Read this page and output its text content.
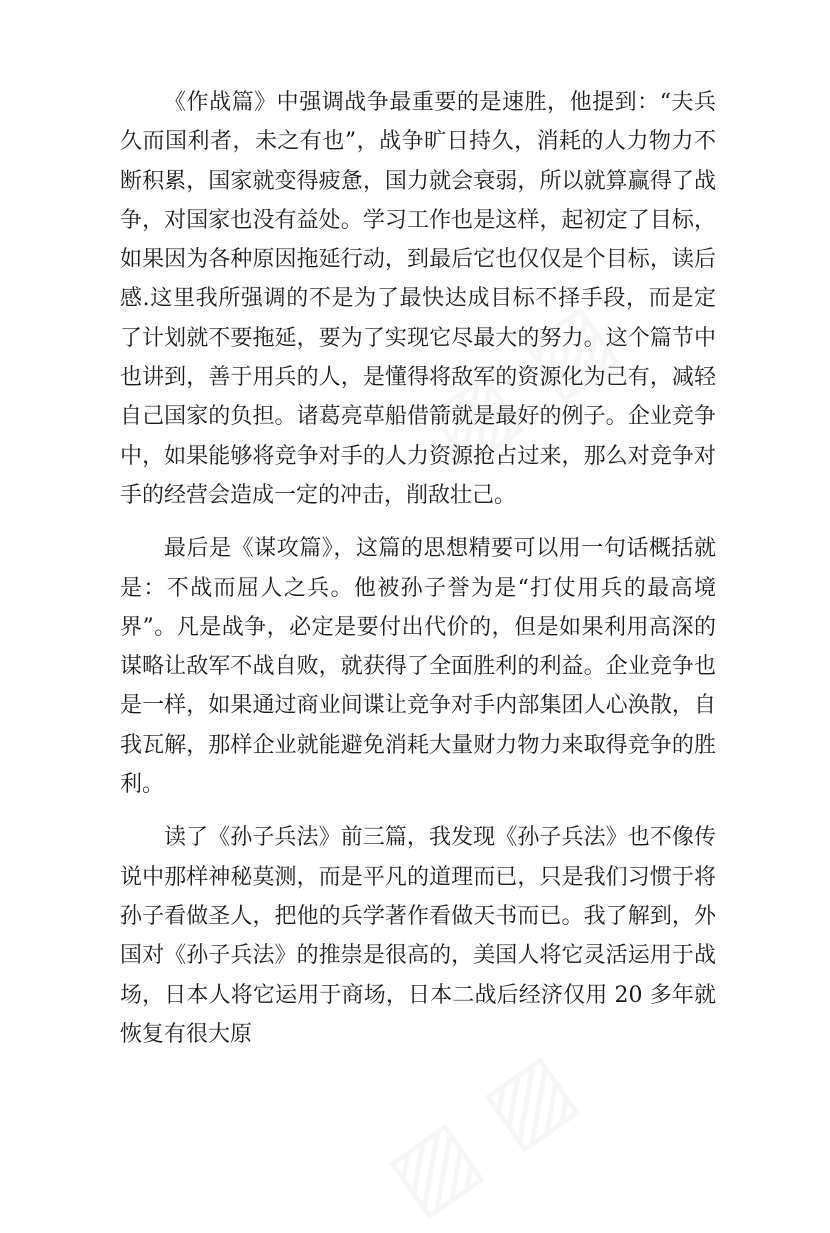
《作战篇》中强调战争最重要的是速胜，他提到：“夫兵久而国利者，未之有也”，战争旷日持久，消耗的人力物力不断积累，国家就变得疲惫，国力就会衰弱，所以就算赢得了战争，对国家也没有益处。学习工作也是这样，起初定了目标，如果因为各种原因拖延行动，到最后它也仅仅是个目标，读后感.这里我所强调的不是为了最快达成目标不择手段，而是定了计划就不要拖延，要为了实现它尽最大的努力。这个篇节中也讲到，善于用兵的人，是懂得将敌军的资源化为己有，减轻自己国家的负担。诸葛亮草船借箭就是最好的例子。企业竞争中，如果能够将竞争对手的人力资源抢占过来，那么对竞争对手的经营会造成一定的冲击，削敌壮己。

最后是《谋攻篇》，这篇的思想精要可以用一句话概括就是：不战而屈人之兵。他被孙子誉为是“打仗用兵的最高境界”。凡是战争，必定是要付出代价的，但是如果利用高深的谋略让敌军不战自败，就获得了全面胜利的利益。企业竞争也是一样，如果通过商业间谍让竞争对手内部集团人心涣散，自我瓦解，那样企业就能避免消耗大量财力物力来取得竞争的胜利。

读了《孙子兵法》前三篇，我发现《孙子兵法》也不像传说中那样神秘莫测，而是平凡的道理而已，只是我们习惯于将孙子看做圣人，把他的兵学著作看做天书而已。我了解到，外国对《孙子兵法》的推崇是很高的，美国人将它灵活运用于战场，日本人将它运用于商场，日本二战后经济仅用 20 多年就恢复有很大原
